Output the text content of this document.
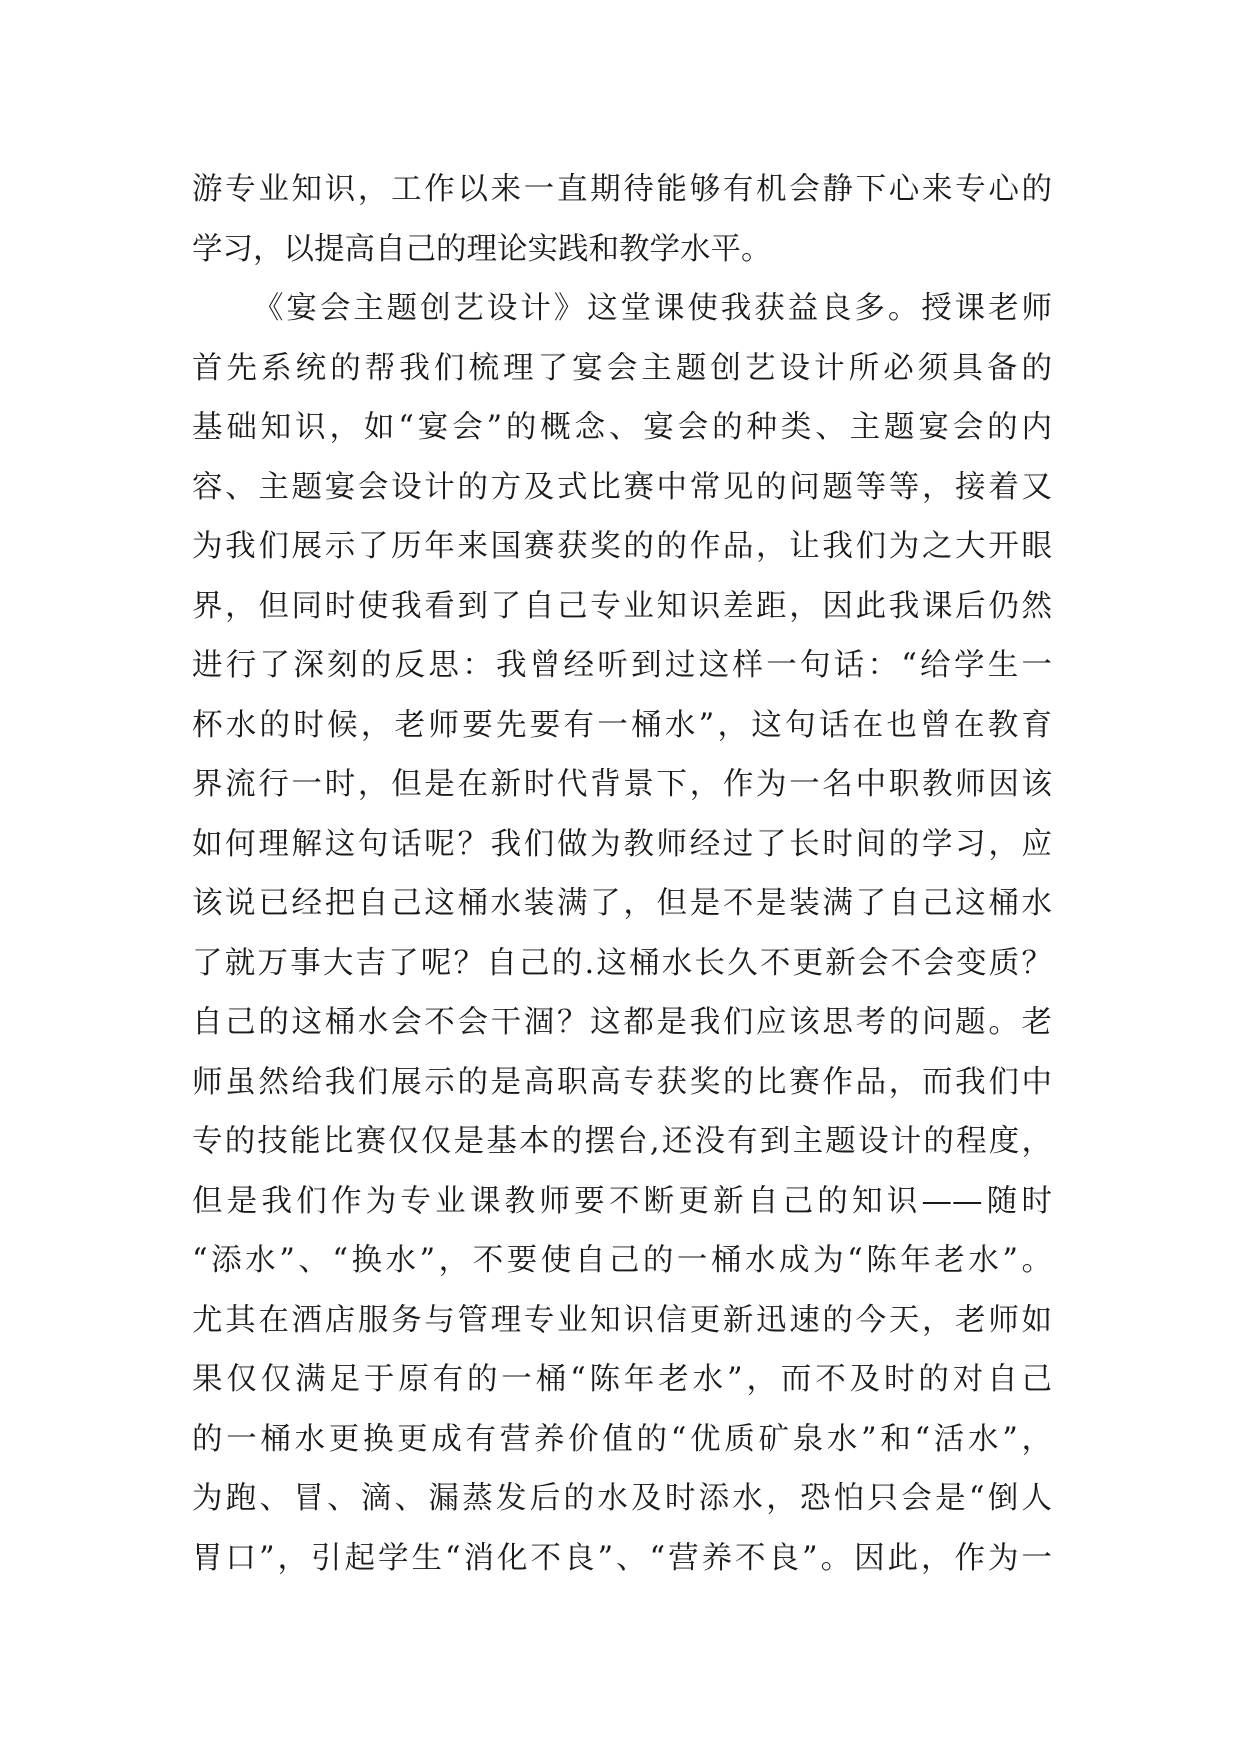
游专业知识，工作以来一直期待能够有机会静下心来专心的
学习，以提高自己的理论实践和教学水平。
《宴会主题创艺设计》这堂课使我获益良多。授课老师
首先系统的帮我们梳理了宴会主题创艺设计所必须具备的
基础知识，如“宴会”的概念、宴会的种类、主题宴会的内
容、主题宴会设计的方及式比赛中常见的问题等等，接着又
为我们展示了历年来国赛获奖的的作品，让我们为之大开眼
界，但同时使我看到了自己专业知识差距，因此我课后仍然
进行了深刻的反思：我曾经听到过这样一句话：“给学生一
杯水的时候，老师要先要有一桶水”，这句话在也曾在教育
界流行一时，但是在新时代背景下，作为一名中职教师因该
如何理解这句话呢？我们做为教师经过了长时间的学习，应
该说已经把自己这桶水装满了，但是不是装满了自己这桶水
了就万事大吉了呢？自己的.这桶水长久不更新会不会变质？
自己的这桶水会不会干涸？这都是我们应该思考的问题。老
师虽然给我们展示的是高职高专获奖的比赛作品，而我们中
专的技能比赛仅仅是基本的摆台,还没有到主题设计的程度，
但是我们作为专业课教师要不断更新自己的知识——随时
“添水”、“换水”，不要使自己的一桶水成为“陈年老水”。
尤其在酒店服务与管理专业知识信更新迅速的今天，老师如
果仅仅满足于原有的一桶“陈年老水”，而不及时的对自己
的一桶水更换更成有营养价值的“优质矿泉水”和“活水”，
为跑、冒、滴、漏蒸发后的水及时添水，恐怕只会是“倒人
胃口”，引起学生“消化不良”、“营养不良”。因此，作为一
